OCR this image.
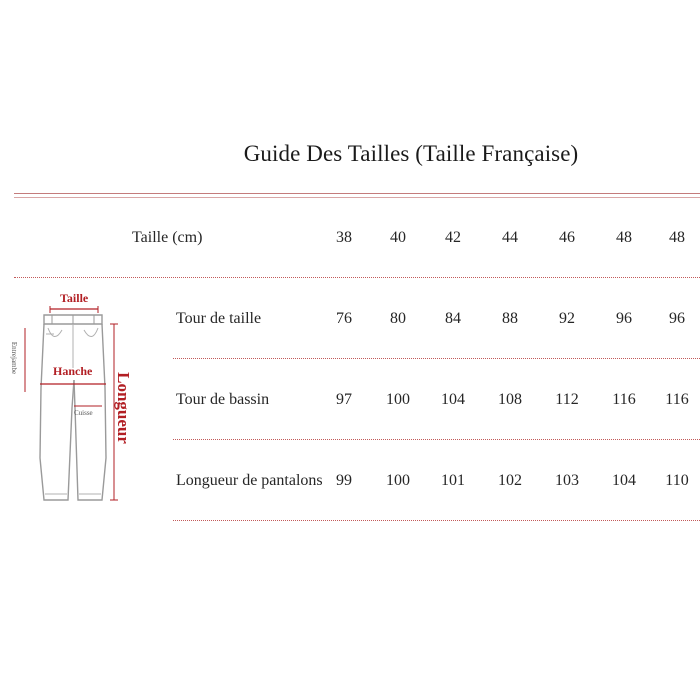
Guide Des Tailles (Taille Française)
Taille (cm)	38	40	42	44	46	48	48
Tour de taille	76	80	84	88	92	96	96
Tour de bassin	97	100	104	108	112	116	116
Longueur de pantalons 99	100	101	102	103	104	110
Taille
Hanche
Cuisse
Entrejambe
Longueur
